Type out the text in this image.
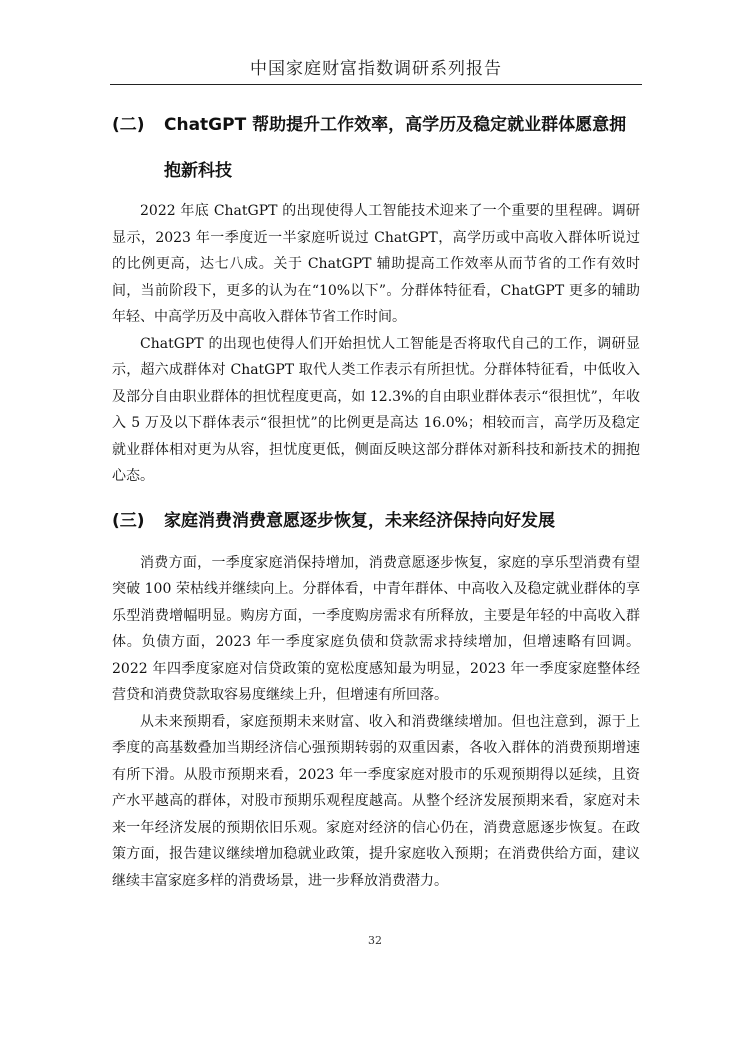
中国家庭财富指数调研系列报告
(二)	ChatGPT 帮助提升工作效率，高学历及稳定就业群体愿意拥抱新科技

2022 年底 ChatGPT 的出现使得人工智能技术迎来了一个重要的里程碑。调研显示，2023 年一季度近一半家庭听说过 ChatGPT，高学历或中高收入群体听说过的比例更高，达七八成。关于 ChatGPT 辅助提高工作效率从而节省的工作有效时间，当前阶段下，更多的认为在“10%以下”。分群体特征看，ChatGPT 更多的辅助年轻、中高学历及中高收入群体节省工作时间。

ChatGPT 的出现也使得人们开始担忧人工智能是否将取代自己的工作，调研显示，超六成群体对 ChatGPT 取代人类工作表示有所担忧。分群体特征看，中低收入及部分自由职业群体的担忧程度更高，如 12.3%的自由职业群体表示“很担忧”，年收入 5 万及以下群体表示“很担忧”的比例更是高达 16.0%；相较而言，高学历及稳定就业群体相对更为从容，担忧度更低，侧面反映这部分群体对新科技和新技术的拥抱心态。

(三)	家庭消费消费意愿逐步恢复，未来经济保持向好发展

消费方面，一季度家庭消保持增加，消费意愿逐步恢复，家庭的享乐型消费有望突破 100 荣枯线并继续向上。分群体看，中青年群体、中高收入及稳定就业群体的享乐型消费增幅明显。购房方面，一季度购房需求有所释放，主要是年轻的中高收入群体。负债方面，2023 年一季度家庭负债和贷款需求持续增加，但增速略有回调。2022 年四季度家庭对信贷政策的宽松度感知最为明显，2023 年一季度家庭整体经营贷和消费贷款取容易度继续上升，但增速有所回落。

从未来预期看，家庭预期未来财富、收入和消费继续增加。但也注意到，源于上季度的高基数叠加当期经济信心强预期转弱的双重因素，各收入群体的消费预期增速有所下滑。从股市预期来看，2023 年一季度家庭对股市的乐观预期得以延续，且资产水平越高的群体，对股市预期乐观程度越高。从整个经济发展预期来看，家庭对未来一年经济发展的预期依旧乐观。家庭对经济的信心仍在，消费意愿逐步恢复。在政策方面，报告建议继续增加稳就业政策，提升家庭收入预期；在消费供给方面，建议继续丰富家庭多样的消费场景，进一步释放消费潜力。

32
